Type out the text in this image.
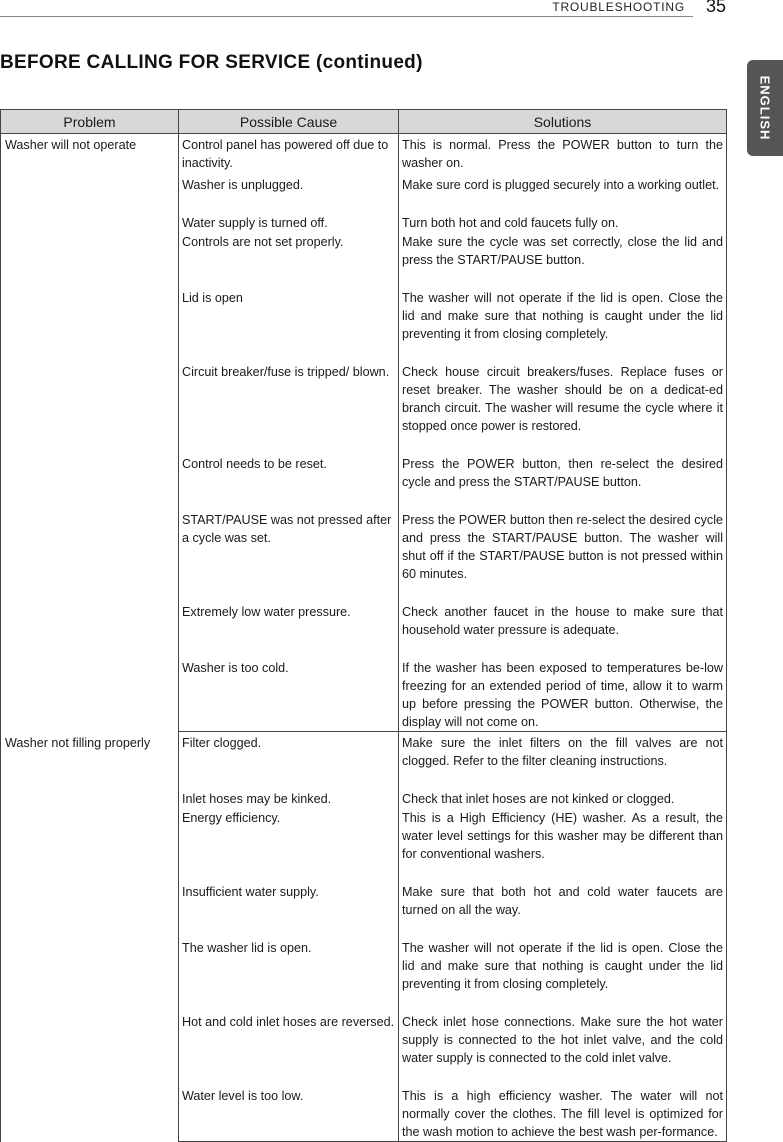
TROUBLESHOOTING 35
ENGLISH
BEFORE CALLING FOR SERVICE (continued)
Problem	Possible Cause	Solutions
Washer will not operate	Control panel has powered off due to inactivity.	This is normal. Press the POWER button to turn the washer on.
	Washer is unplugged.	Make sure cord is plugged securely into a working outlet.
	Water supply is turned off.	Turn both hot and cold faucets fully on.
	Controls are not set properly.	Make sure the cycle was set correctly, close the lid and press the START/PAUSE button.
	Lid is open	The washer will not operate if the lid is open. Close the lid and make sure that nothing is caught under the lid preventing it from closing completely.
	Circuit breaker/fuse is tripped/ blown.	Check house circuit breakers/fuses. Replace fuses or reset breaker. The washer should be on a dedicat-ed branch circuit. The washer will resume the cycle where it stopped once power is restored.
	Control needs to be reset.	Press the POWER button, then re-select the desired cycle and press the START/PAUSE button.
	START/PAUSE was not pressed after a cycle was set.	Press the POWER button then re-select the desired cycle and press the START/PAUSE button. The washer will shut off if the START/PAUSE button is not pressed within 60 minutes.
	Extremely low water pressure.	Check another faucet in the house to make sure that household water pressure is adequate.
	Washer is too cold.	If the washer has been exposed to temperatures be-low freezing for an extended period of time, allow it to warm up before pressing the POWER button. Otherwise, the display will not come on.
Washer not filling properly	Filter clogged.	Make sure the inlet filters on the fill valves are not clogged. Refer to the filter cleaning instructions.
	Inlet hoses may be kinked.	Check that inlet hoses are not kinked or clogged.
	Energy efficiency.	This is a High Efficiency (HE) washer. As a result, the water level settings for this washer may be different than for conventional washers.
	Insufficient water supply.	Make sure that both hot and cold water faucets are turned on all the way.
	The washer lid is open.	The washer will not operate if the lid is open. Close the lid and make sure that nothing is caught under the lid preventing it from closing completely.
	Hot and cold inlet hoses are reversed.	Check inlet hose connections. Make sure the hot water supply is connected to the hot inlet valve, and the cold water supply is connected to the cold inlet valve.
	Water level is too low.	This is a high efficiency washer. The water will not normally cover the clothes. The fill level is optimized for the wash motion to achieve the best wash per-formance.
